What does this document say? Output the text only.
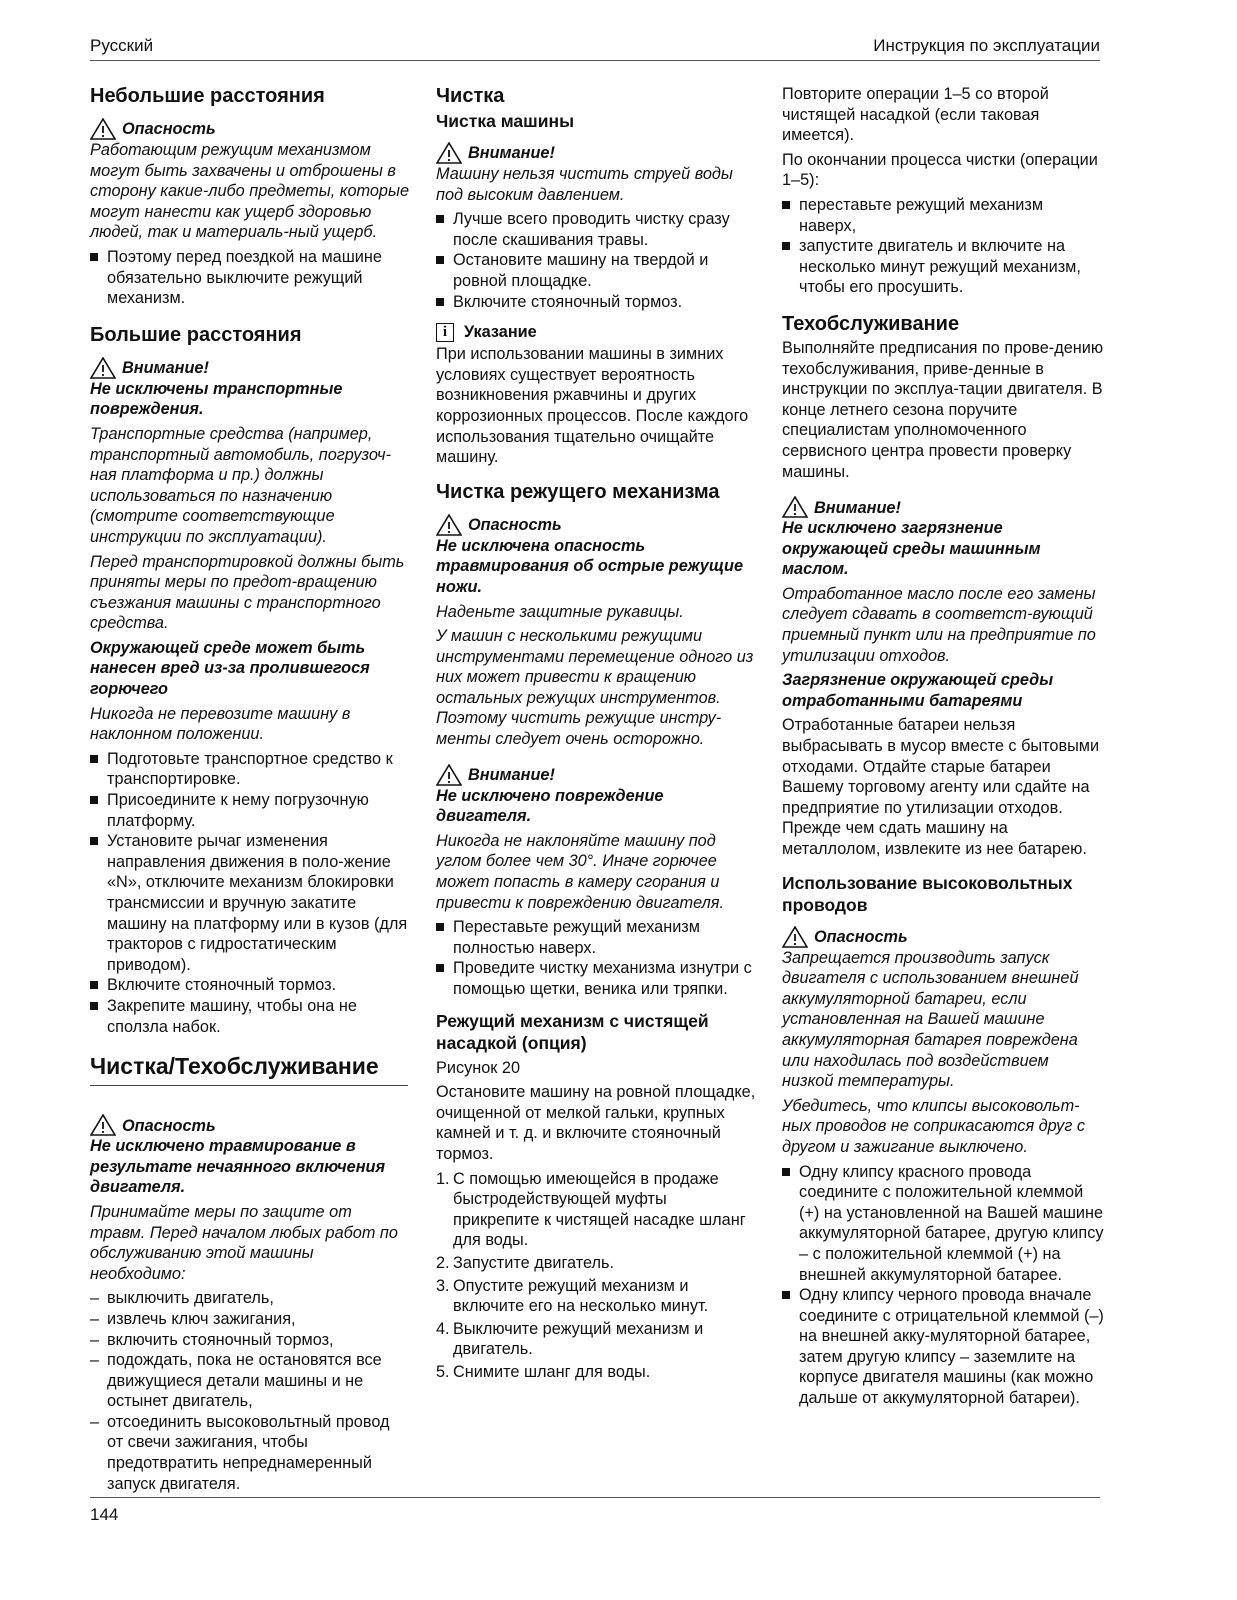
Русский	Инструкция по эксплуатации
Небольшие расстояния
Опасность

Работающим режущим механизмом могут быть захвачены и отброшены в сторону какие-либо предметы, которые могут нанести как ущерб здоровью людей, так и материаль-ный ущерб.

Поэтому перед поездкой на машине обязательно выключите режущий механизм.
Большие расстояния
Внимание!

Не исключены транспортные повреждения.

Транспортные средства (например, транспортный автомобиль, погрузоч-ная платформа и пр.) должны использоваться по назначению (смотрите соответствующие инструкции по эксплуатации).

Перед транспортировкой должны быть приняты меры по предот-вращению съезжания машины с транспортного средства.

Окружающей среде может быть нанесен вред из-за пролившегося горючего

Никогда не перевозите машину в наклонном положении.

Подготовьте транспортное средство к транспортировке.
Присоедините к нему погрузочную платформу.
Установите рычаг изменения направления движения в поло-жение «N», отключите механизм блокировки трансмиссии и вручную закатите машину на платформу или в кузов (для тракторов с гидростатическим приводом).
Включите стояночный тормоз.
Закрепите машину, чтобы она не сползла набок.
Чистка/Техобслуживание
Опасность

Не исключено травмирование в результате нечаянного включения двигателя.

Принимайте меры по защите от травм. Перед началом любых работ по обслуживанию этой машины необходимо:

– выключить двигатель,
– извлечь ключ зажигания,
– включить стояночный тормоз,
– подождать, пока не остановятся все движущиеся детали машины и не остынет двигатель,
– отсоединить высоковольтный провод от свечи зажигания, чтобы предотвратить непреднамеренный запуск двигателя.
Чистка
Чистка машины
Внимание!

Машину нельзя чистить струей воды под высоким давлением.

Лучше всего проводить чистку сразу после скашивания травы.
Остановите машину на твердой и ровной площадке.
Включите стояночный тормоз.
i	Указание

При использовании машины в зимних условиях существует вероятность возникновения ржавчины и других коррозионных процессов. После каждого использования тщательно очищайте машину.

Чистка режущего механизма
Опасность

Не исключена опасность травмирования об острые режущие ножи.

Наденьте защитные рукавицы.

У машин с несколькими режущими инструментами перемещение одного из них может привести к вращению остальных режущих инструментов. Поэтому чистить режущие инстру-менты следует очень осторожно.

Внимание!

Не исключено повреждение двигателя.

Никогда не наклоняйте машину под углом более чем 30°. Иначе горючее может попасть в камеру сгорания и привести к повреждению двигателя.

Переставьте режущий механизм полностью наверх.
Проведите чистку механизма изнутри с помощью щетки, веника или тряпки.
Режущий механизм с чистящей насадкой (опция)

Рисунок 20

Остановите машину на ровной площадке, очищенной от мелкой гальки, крупных камней и т. д. и включите стояночный тормоз.

1. С помощью имеющейся в продаже быстродействующей муфты прикрепите к чистящей насадке шланг для воды.
2. Запустите двигатель.
3. Опустите режущий механизм и включите его на несколько минут.
4. Выключите режущий механизм и двигатель.
5. Снимите шланг для воды.

Повторите операции 1–5 со второй чистящей насадкой (если таковая имеется).

По окончании процесса чистки (операции 1–5):

переставьте режущий механизм наверх,
запустите двигатель и включите на несколько минут режущий механизм, чтобы его просушить.
Техобслуживание

Выполняйте предписания по прове-дению техобслуживания, приве-денные в инструкции по эксплуа-тации двигателя. В конце летнего сезона поручите специалистам уполномоченного сервисного центра провести проверку машины.

Внимание!

Не исключено загрязнение окружающей среды машинным маслом.

Отработанное масло после его замены следует сдавать в соответст-вующий приемный пункт или на предприятие по утилизации отходов.

Загрязнение окружающей среды отработанными батареями

Отработанные батареи нельзя выбрасывать в мусор вместе с бытовыми отходами. Отдайте старые батареи Вашему торговому агенту или сдайте на предприятие по утилизации отходов. Прежде чем сдать машину на металлолом, извлеките из нее батарею.

Использование высоковольтных проводов
Опасность

Запрещается производить запуск двигателя с использованием внешней аккумуляторной батареи, если установленная на Вашей машине аккумуляторная батарея повреждена или находилась под воздействием низкой температуры.

Убедитесь, что клипсы высоковольт-ных проводов не соприкасаются друг с другом и зажигание выключено.

Одну клипсу красного провода соедините с положительной клеммой (+) на установленной на Вашей машине аккумуляторной батарее, другую клипсу – с положительной клеммой (+) на внешней аккумуляторной батарее.
Одну клипсу черного провода вначале соедините с отрицательной клеммой (–) на внешней акку-муляторной батарее, затем другую клипсу – заземлите на корпусе двигателя машины (как можно дальше от аккумуляторной батареи).
144
